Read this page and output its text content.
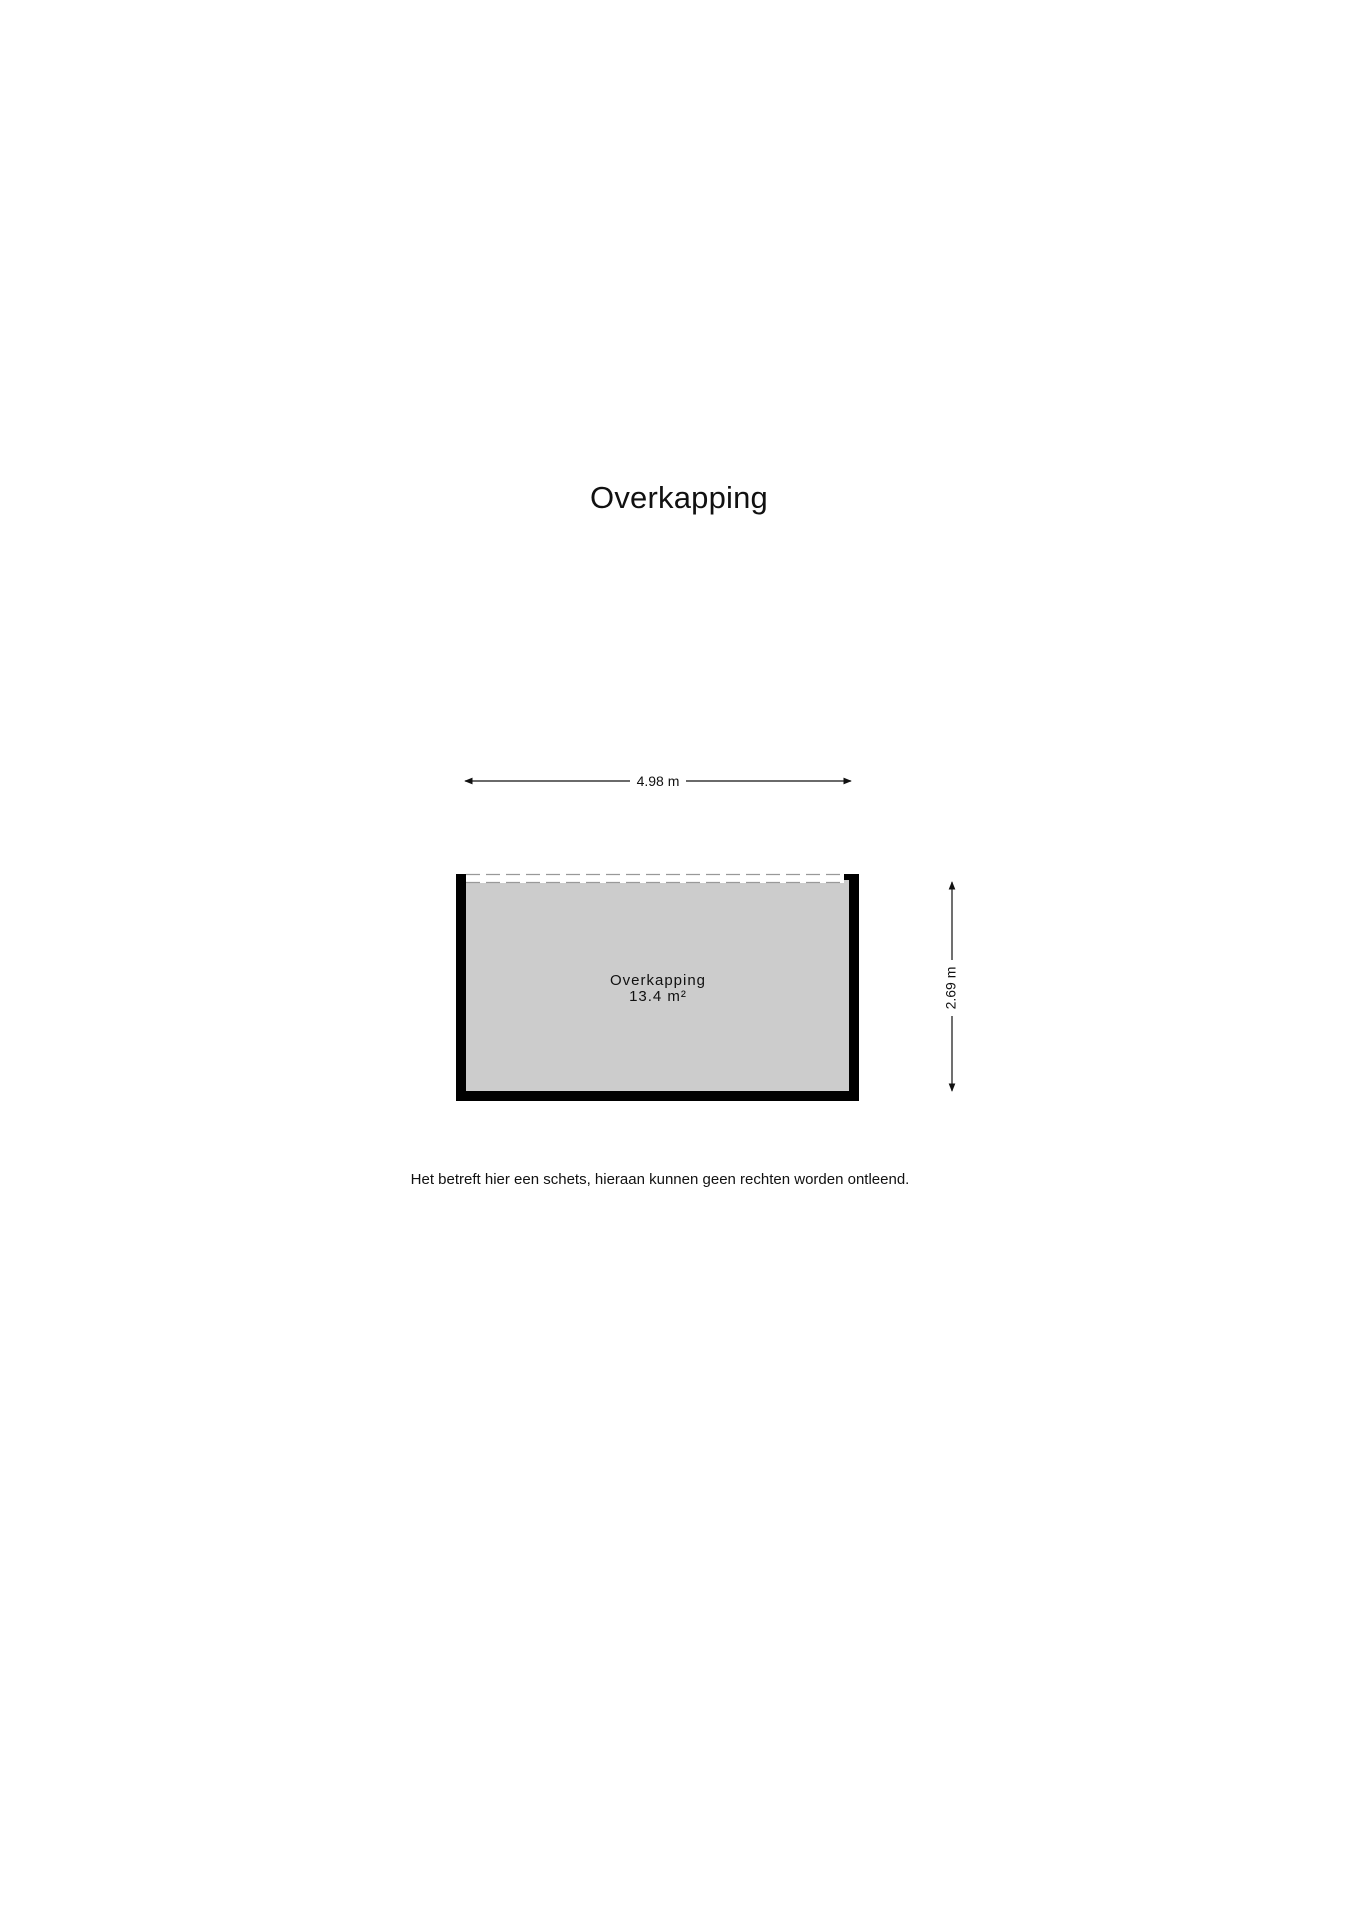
Overkapping
4.98 m
Overkapping
13.4 m²	2.69 m
Het betreft hier een schets, hieraan kunnen geen rechten worden ontleend.
